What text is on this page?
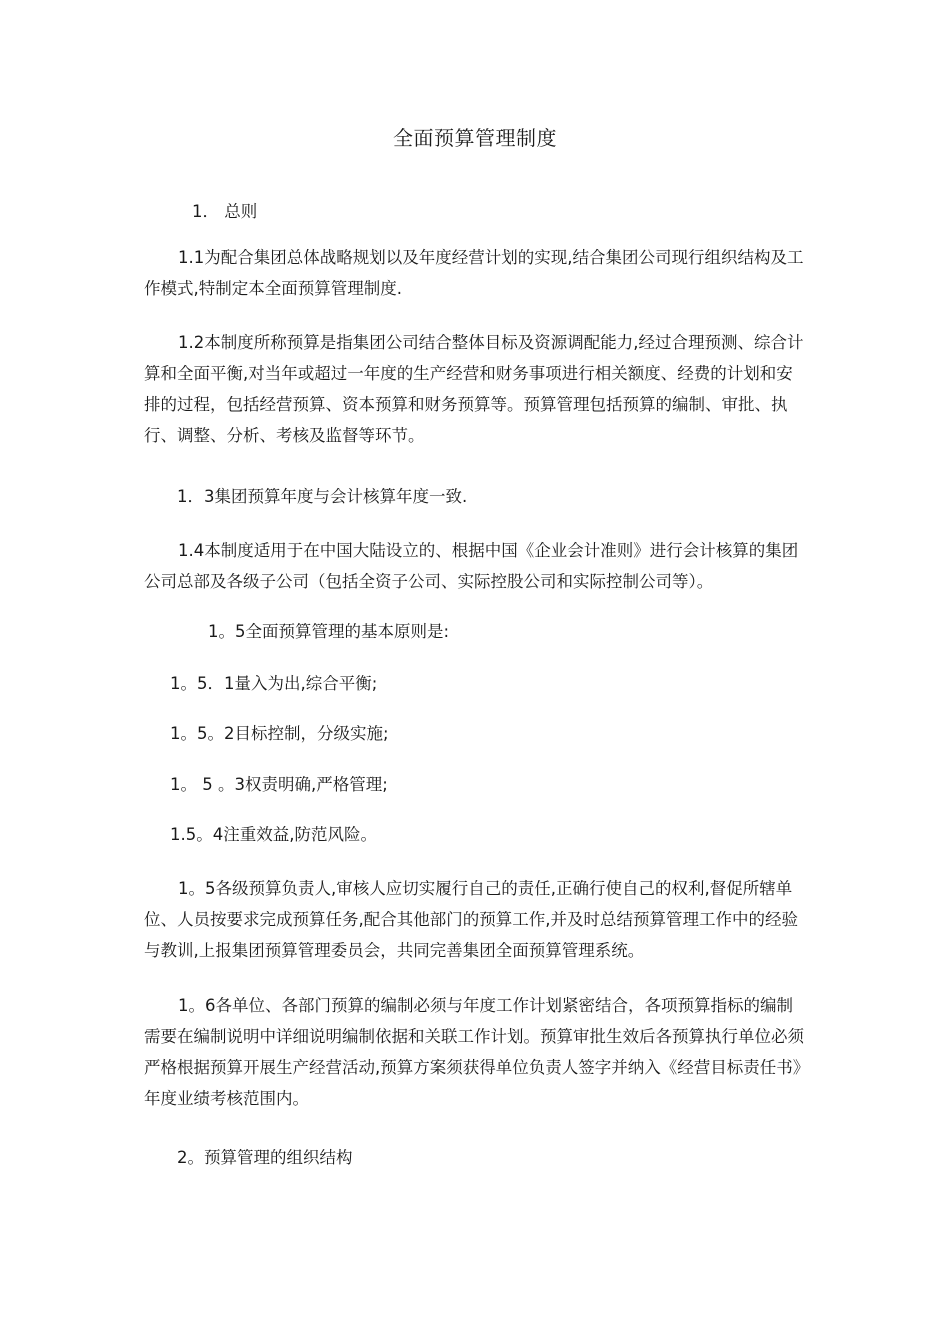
全面预算管理制度
1． 总则
1.1为配合集团总体战略规划以及年度经营计划的实现,结合集团公司现行组织结构及工作模式,特制定本全面预算管理制度.
1.2本制度所称预算是指集团公司结合整体目标及资源调配能力,经过合理预测、综合计算和全面平衡,对当年或超过一年度的生产经营和财务事项进行相关额度、经费的计划和安排的过程，包括经营预算、资本预算和财务预算等。预算管理包括预算的编制、审批、执行、调整、分析、考核及监督等环节。
1．3集团预算年度与会计核算年度一致.
1.4本制度适用于在中国大陆设立的、根据中国《企业会计准则》进行会计核算的集团公司总部及各级子公司（包括全资子公司、实际控股公司和实际控制公司等）。
1。5全面预算管理的基本原则是:
1。5．1量入为出,综合平衡;
1。5。2目标控制，分级实施;
1。 5 。3权责明确,严格管理;
1.5。4注重效益,防范风险。
1。5各级预算负责人,审核人应切实履行自己的责任,正确行使自己的权利,督促所辖单位、人员按要求完成预算任务,配合其他部门的预算工作,并及时总结预算管理工作中的经验与教训,上报集团预算管理委员会，共同完善集团全面预算管理系统。
1。6各单位、各部门预算的编制必须与年度工作计划紧密结合，各项预算指标的编制需要在编制说明中详细说明编制依据和关联工作计划。预算审批生效后各预算执行单位必须严格根据预算开展生产经营活动,预算方案须获得单位负责人签字并纳入《经营目标责任书》年度业绩考核范围内。
2。预算管理的组织结构
